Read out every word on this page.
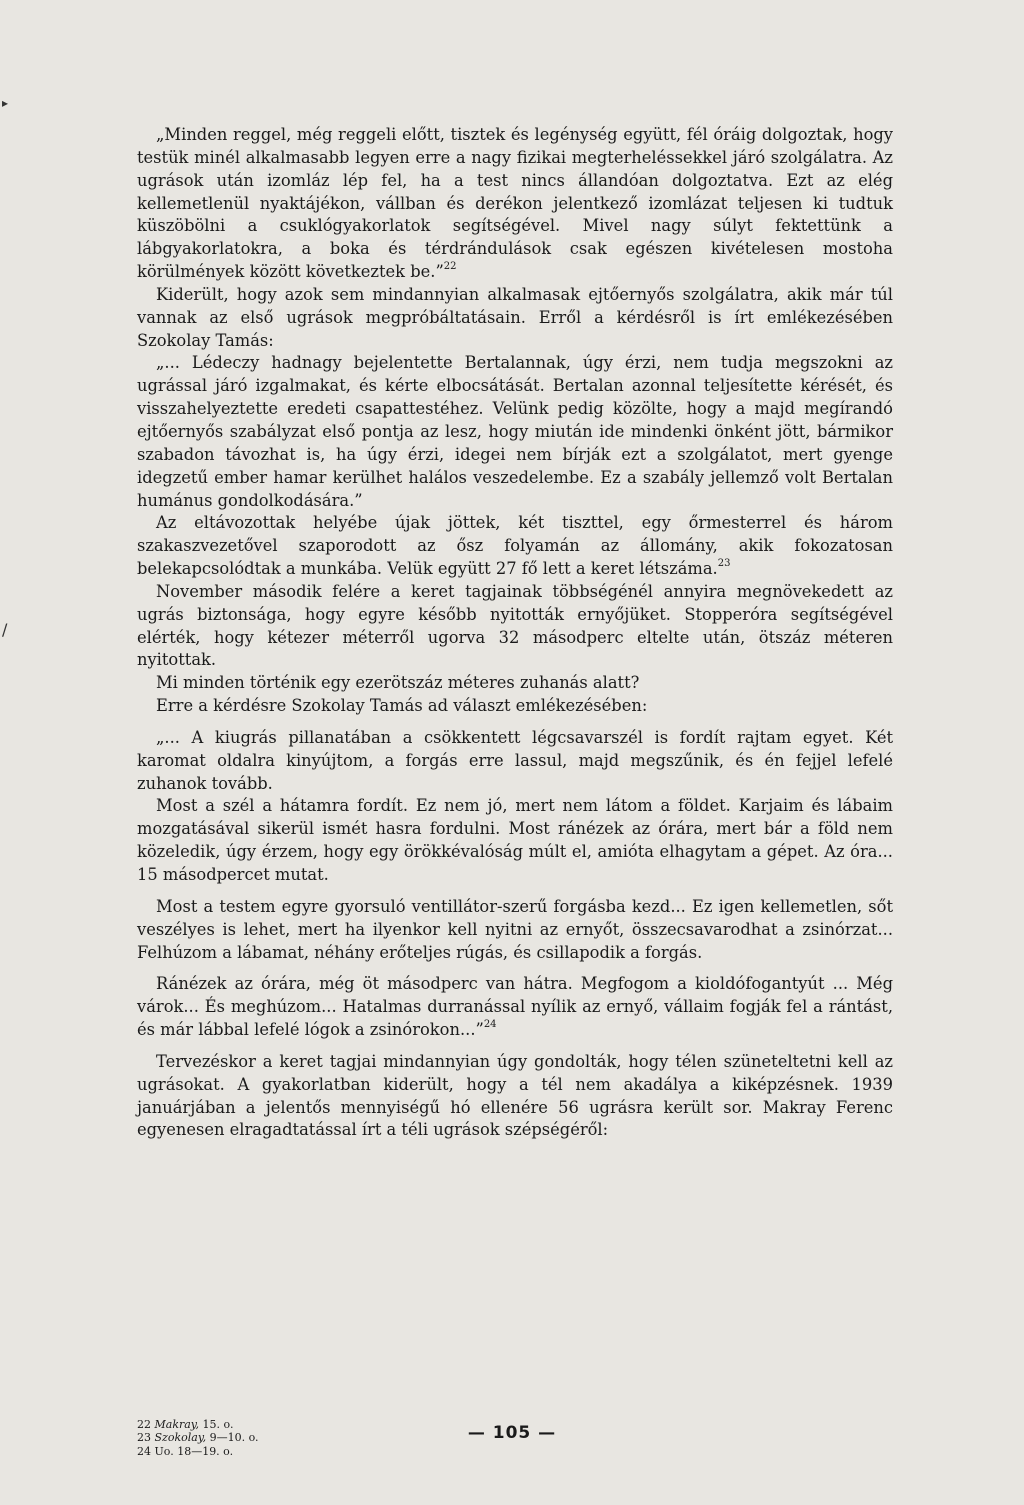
▸
/

„Minden reggel, még reggeli előtt, tisztek és legénység együtt, fél óráig dolgoztak, hogy testük minél alkalmasabb legyen erre a nagy fizikai megterheléssekkel járó szolgálatra. Az ugrások után izomláz lép fel, ha a test nincs állandóan dolgoztatva. Ezt az elég kellemetlenül nyaktájékon, vállban és derékon jelentkező izomlázat teljesen ki tudtuk küszöbölni a csuklógyakorlatok segítségével. Mivel nagy súlyt fektettünk a lábgyakorlatokra, a boka és térdrándulások csak egészen kivételesen mostoha körülmények között következtek be.”$^{22}$

Kiderült, hogy azok sem mindannyian alkalmasak ejtőernyős szolgálatra, akik már túl vannak az első ugrások megpróbáltatásain. Erről a kérdésről is írt emlékezésében Szokolay Tamás:

„... Lédeczy hadnagy bejelentette Bertalannak, úgy érzi, nem tudja megszokni az ugrással járó izgalmakat, és kérte elbocsátását. Bertalan azonnal teljesítette kérését, és visszahelyeztette eredeti csapattestéhez. Velünk pedig közölte, hogy a majd megírandó ejtőernyős szabályzat első pontja az lesz, hogy miután ide mindenki önként jött, bármikor szabadon távozhat is, ha úgy érzi, idegei nem bírják ezt a szolgálatot, mert gyenge idegzetű ember hamar kerülhet halálos veszedelembe. Ez a szabály jellemző volt Bertalan humánus gondolkodására.”

Az eltávozottak helyébe újak jöttek, két tiszttel, egy őrmesterrel és három szakaszvezetővel szaporodott az ősz folyamán az állomány, akik fokozatosan belekapcsolódtak a munkába. Velük együtt 27 fő lett a keret létszáma.$^{23}$

November második felére a keret tagjainak többségénél annyira megnövekedett az ugrás biztonsága, hogy egyre később nyitották ernyőjüket. Stopperóra segítségével elérték, hogy kétezer méterről ugorva 32 másodperc eltelte után, ötszáz méteren nyitottak.

Mi minden történik egy ezerötszáz méteres zuhanás alatt?

Erre a kérdésre Szokolay Tamás ad választ emlékezésében:

„... A kiugrás pillanatában a csökkentett légcsavarszél is fordít rajtam egyet. Két karomat oldalra kinyújtom, a forgás erre lassul, majd megszűnik, és én fejjel lefelé zuhanok tovább.

Most a szél a hátamra fordít. Ez nem jó, mert nem látom a földet. Karjaim és lábaim mozgatásával sikerül ismét hasra fordulni. Most ránézek az órára, mert bár a föld nem közeledik, úgy érzem, hogy egy örökkévalóság múlt el, amióta elhagytam a gépet. Az óra... 15 másodpercet mutat.

Most a testem egyre gyorsuló ventillátor-szerű forgásba kezd... Ez igen kellemetlen, sőt veszélyes is lehet, mert ha ilyenkor kell nyitni az ernyőt, összecsavarodhat a zsinórzat... Felhúzom a lábamat, néhány erőteljes rúgás, és csillapodik a forgás.

Ránézek az órára, még öt másodperc van hátra. Megfogom a kioldófogantyút ... Még várok... És meghúzom... Hatalmas durranással nyílik az ernyő, vállaim fogják fel a rántást, és már lábbal lefelé lógok a zsinórokon...”$^{24}$

Tervezéskor a keret tagjai mindannyian úgy gondolták, hogy télen szüneteltetni kell az ugrásokat. A gyakorlatban kiderült, hogy a tél nem akadálya a kiképzésnek. 1939 januárjában a jelentős mennyiségű hó ellenére 56 ugrásra került sor. Makray Ferenc egyenesen elragadtatással írt a téli ugrások szépségéről:

22 Makray, 15. o.
23 Szokolay, 9—10. o.
24 Uo. 18—19. o.
— 105 —
